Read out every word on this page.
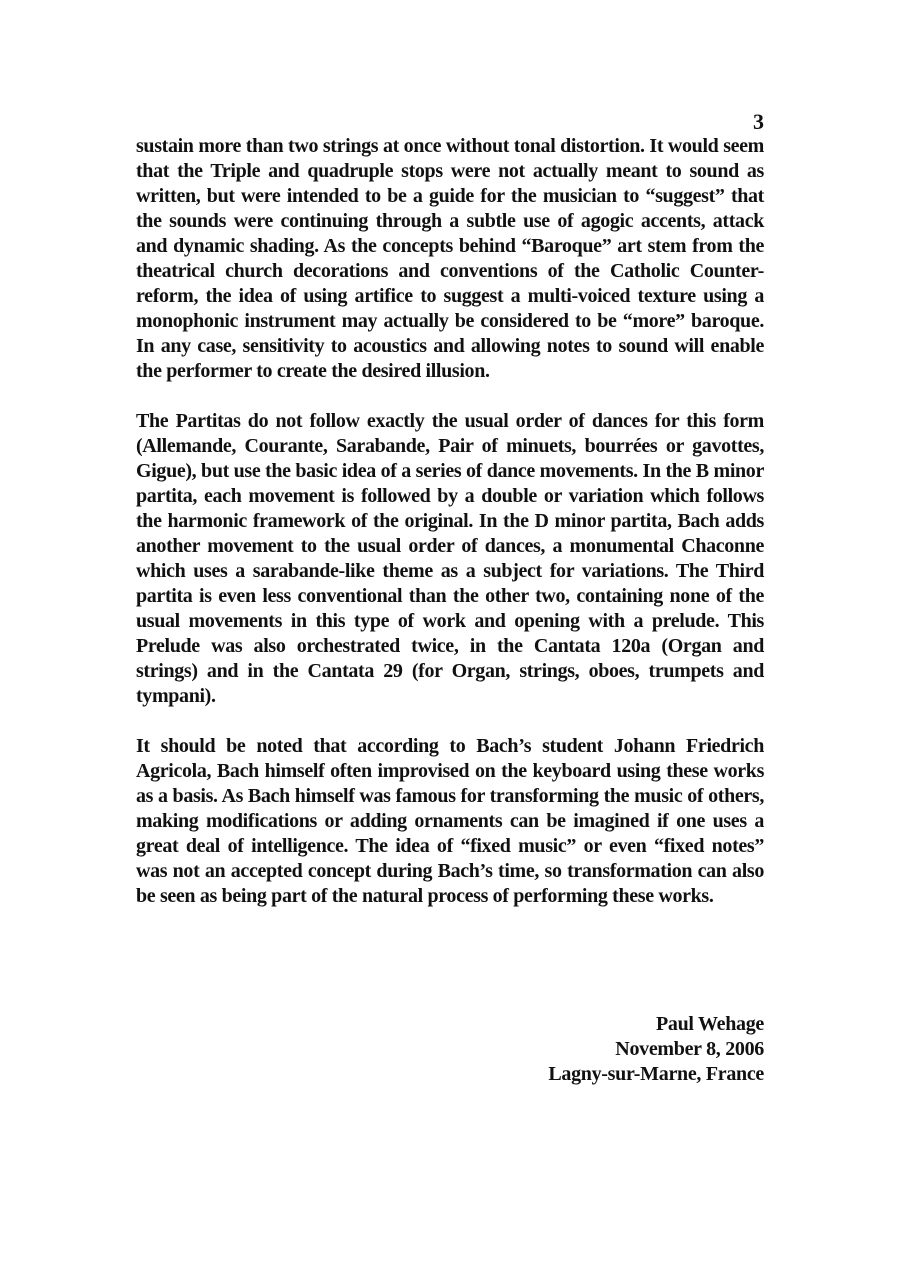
3

sustain more than two strings at once without tonal distortion. It would seem that the Triple and quadruple stops were not actually meant to sound as written, but were intended to be a guide for the musician to “suggest” that the sounds were continuing through a subtle use of agogic accents, attack and dynamic shading. As the concepts behind “Baroque” art stem from the theatrical church decorations and conventions of the Catholic Counter-reform, the idea of using artifice to suggest a multi-voiced texture using a monophonic instrument may actually be considered to be “more” baroque. In any case, sensitivity to acoustics and allowing notes to sound will enable the performer to create the desired illusion.

The Partitas do not follow exactly the usual order of dances for this form (Allemande, Courante, Sarabande, Pair of minuets, bourrées or gavottes, Gigue), but use the basic idea of a series of dance movements. In the B minor partita, each movement is followed by a double or variation which follows the harmonic framework of the original. In the D minor partita, Bach adds another movement to the usual order of dances, a monumental Chaconne which uses a sarabande-like theme as a subject for variations. The Third partita is even less conventional than the other two, containing none of the usual movements in this type of work and opening with a prelude. This Prelude was also orchestrated twice, in the Cantata 120a (Organ and strings) and in the Cantata 29 (for Organ, strings, oboes, trumpets and tympani).

It should be noted that according to Bach’s student Johann Friedrich Agricola, Bach himself often improvised on the keyboard using these works as a basis. As Bach himself was famous for transforming the music of others, making modifications or adding ornaments can be imagined if one uses a great deal of intelligence. The idea of “fixed music” or even “fixed notes” was not an accepted concept during Bach’s time, so transformation can also be seen as being part of the natural process of performing these works.

Paul Wehage
November 8, 2006
Lagny-sur-Marne, France
